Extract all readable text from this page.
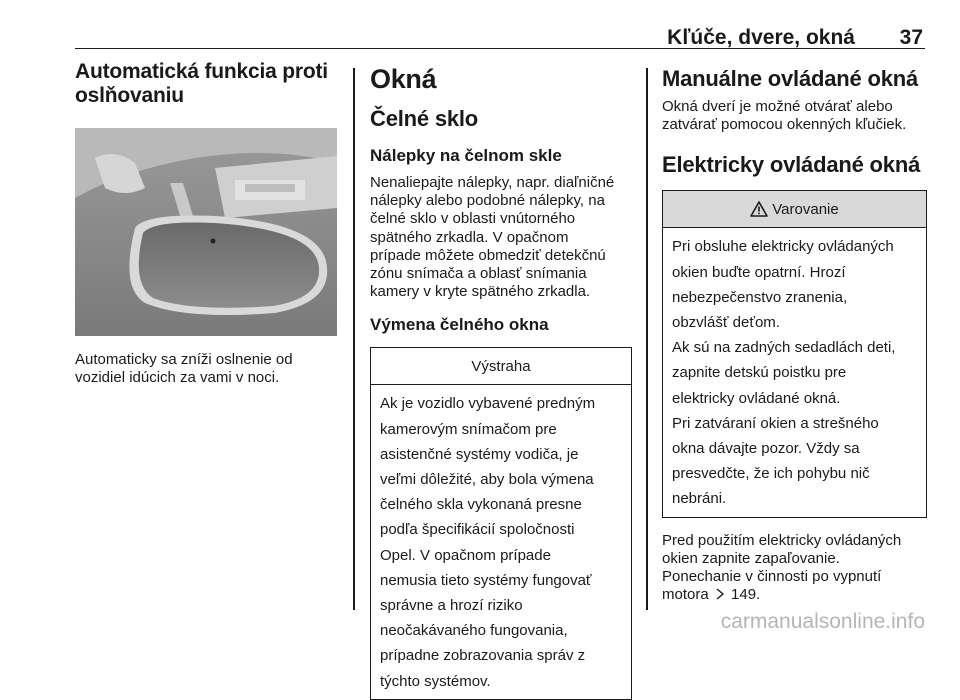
Kľúče, dvere, okná 37
Automatická funkcia proti
oslňovaniu

Automaticky sa zníži oslnenie od

vozidiel idúcich za vami v noci.

Okná
Čelné sklo
Nálepky na čelnom skle

Nenaliepajte nálepky, napr. diaľničné

nálepky alebo podobné nálepky, na

čelné sklo v oblasti vnútorného

spätného zrkadla. V opačnom

prípade môžete obmedziť detekčnú

zónu snímača a oblasť snímania

kamery v kryte spätného zrkadla.

Výmena čelného okna
Výstraha

Ak je vozidlo vybavené predným

kamerovým snímačom pre

asistenčné systémy vodiča, je

veľmi dôležité, aby bola výmena

čelného skla vykonaná presne

podľa špecifikácií spoločnosti

Opel. V opačnom prípade

nemusia tieto systémy fungovať

správne a hrozí riziko

neočakávaného fungovania,

prípadne zobrazovania správ z

týchto systémov.

Manuálne ovládané okná

Okná dverí je možné otvárať alebo

zatvárať pomocou okenných kľučiek.

Elektricky ovládané okná
Varovanie

Pri obsluhe elektricky ovládaných

okien buďte opatrní. Hrozí

nebezpečenstvo zranenia,

obzvlášť deťom.

Ak sú na zadných sedadlách deti,

zapnite detskú poistku pre

elektricky ovládané okná.

Pri zatváraní okien a strešného

okna dávajte pozor. Vždy sa

presvedčte, že ich pohybu nič

nebráni.

Pred použitím elektricky ovládaných

okien zapnite zapaľovanie.

Ponechanie v činnosti po vypnutí

motora 149.

carmanualsonline.info
